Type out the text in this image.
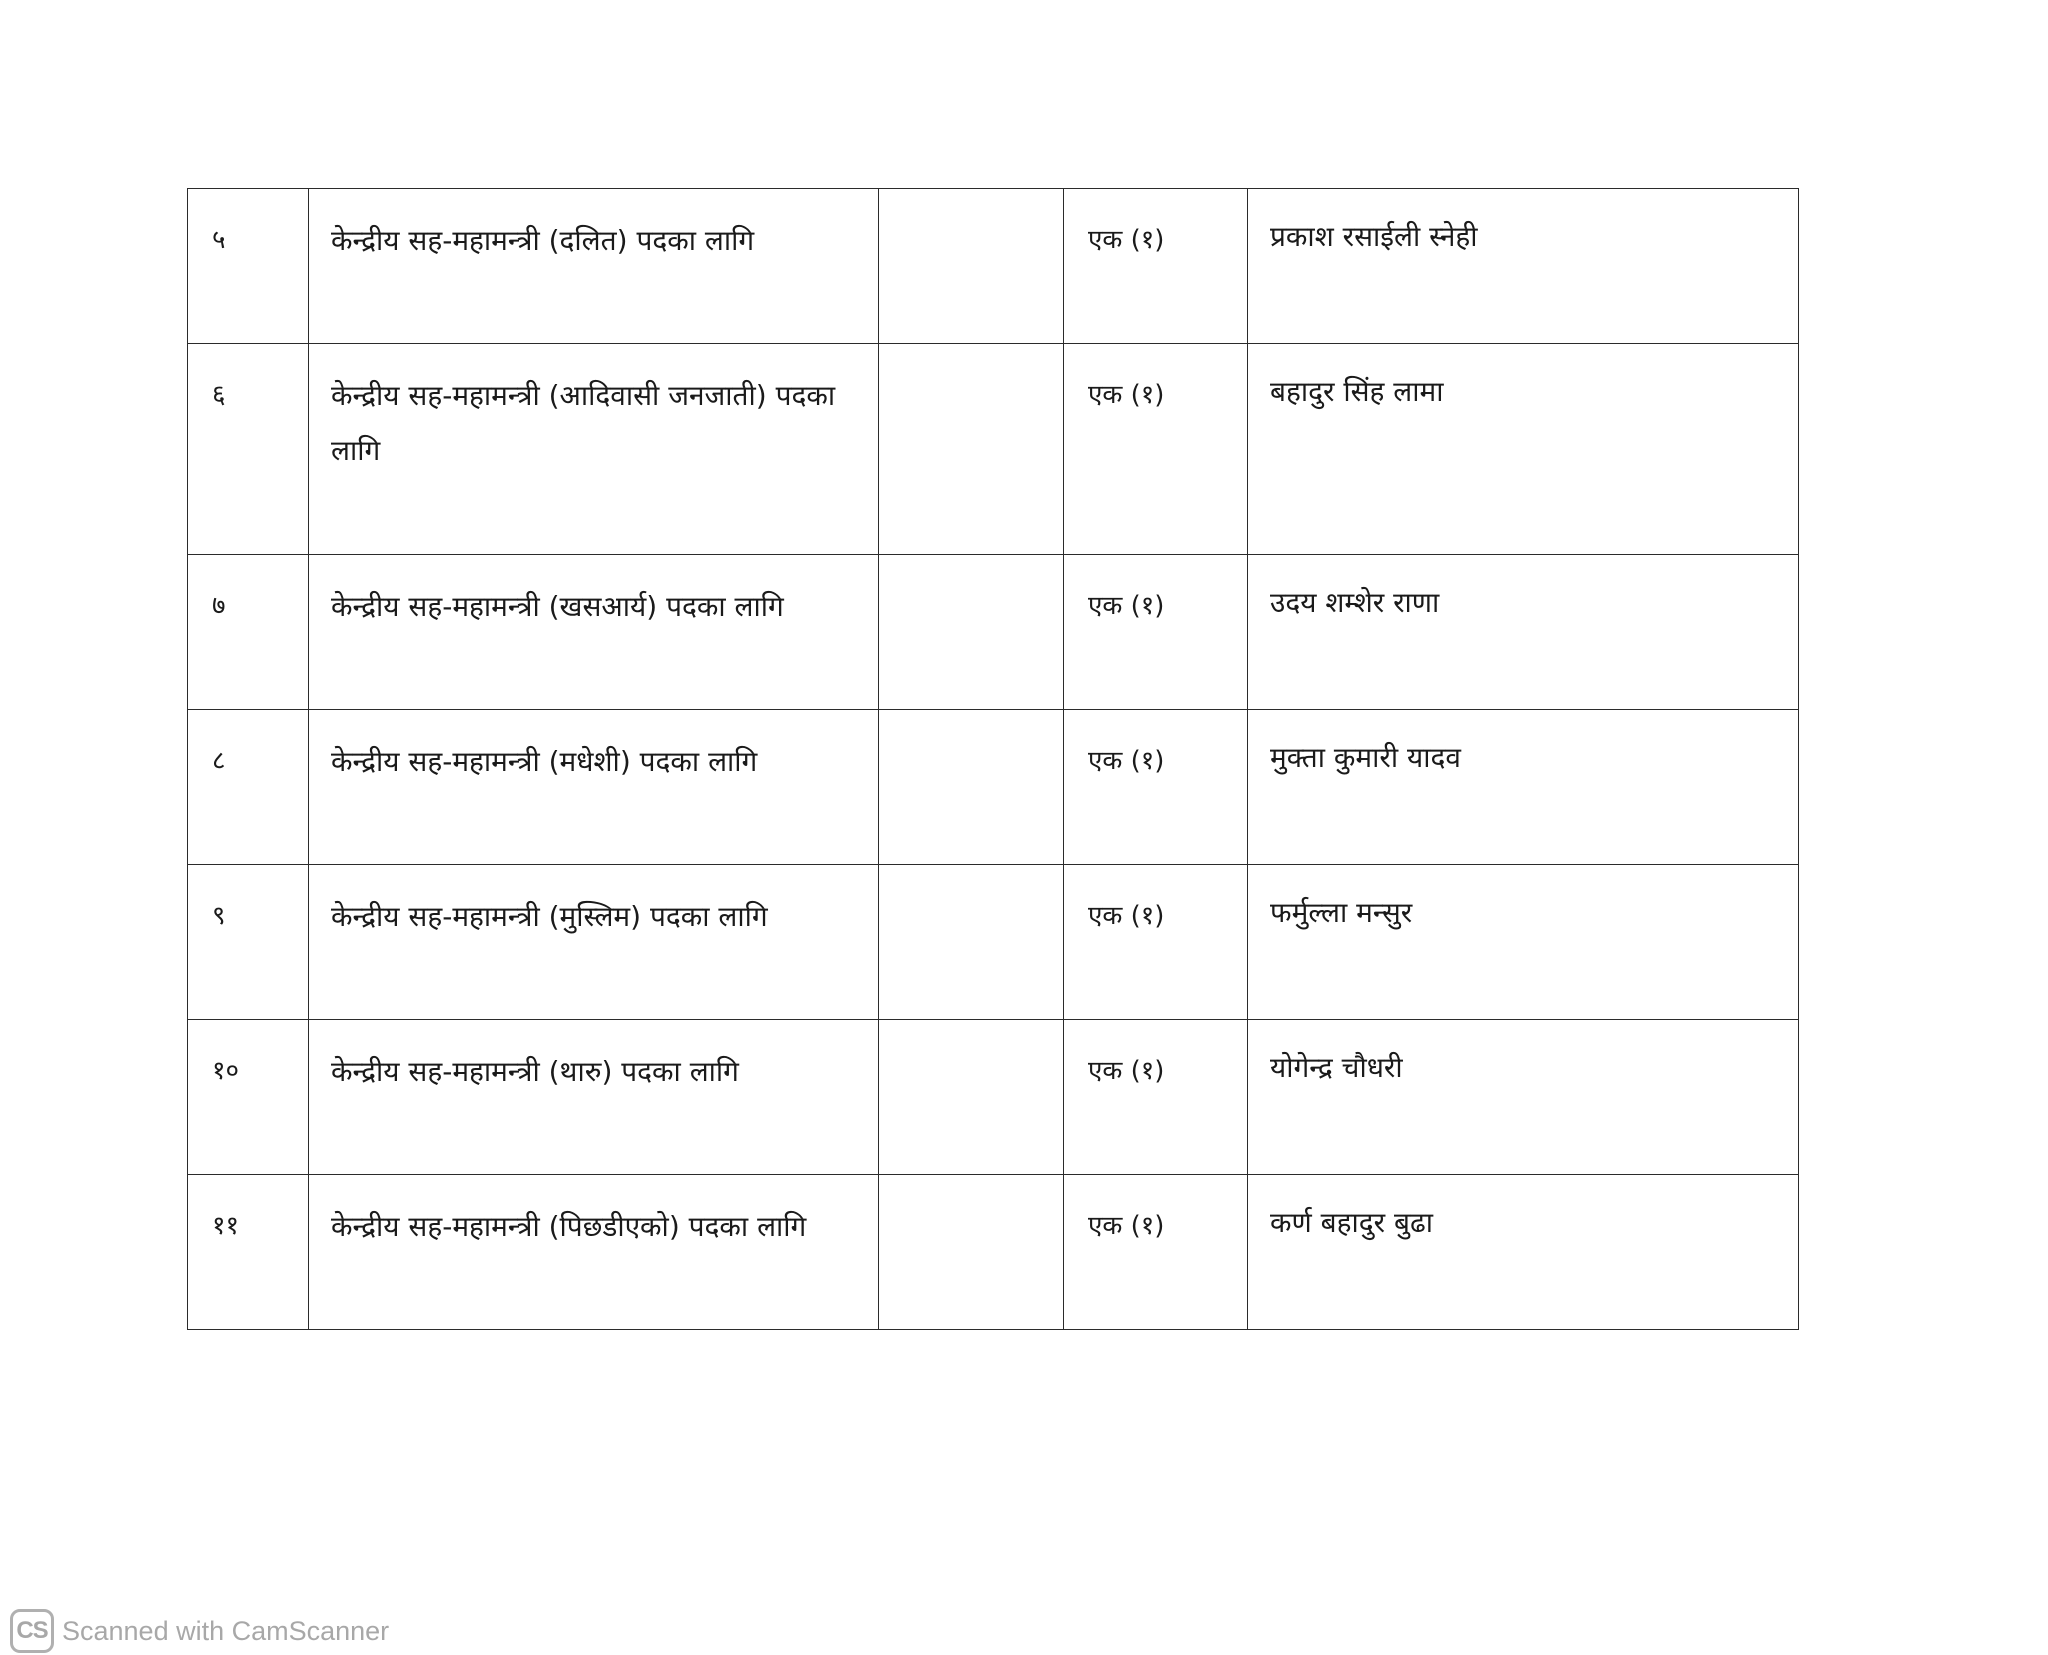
५	केन्द्रीय सह-महामन्त्री (दलित) पदका लागि		एक (१)	प्रकाश रसाईली स्नेही
६	केन्द्रीय सह-महामन्त्री (आदिवासी जनजाती) पदका लागि		एक (१)	बहादुर सिंह लामा
७	केन्द्रीय सह-महामन्त्री (खसआर्य) पदका लागि		एक (१)	उदय शम्शेर राणा
८	केन्द्रीय सह-महामन्त्री (मधेशी) पदका लागि		एक (१)	मुक्ता कुमारी यादव
९	केन्द्रीय सह-महामन्त्री (मुस्लिम) पदका लागि		एक (१)	फर्मुल्ला मन्सुर
१०	केन्द्रीय सह-महामन्त्री (थारु) पदका लागि		एक (१)	योगेन्द्र चौधरी
११	केन्द्रीय सह-महामन्त्री (पिछडीएको) पदका लागि		एक (१)	कर्ण बहादुर बुढा
CS Scanned with CamScanner
